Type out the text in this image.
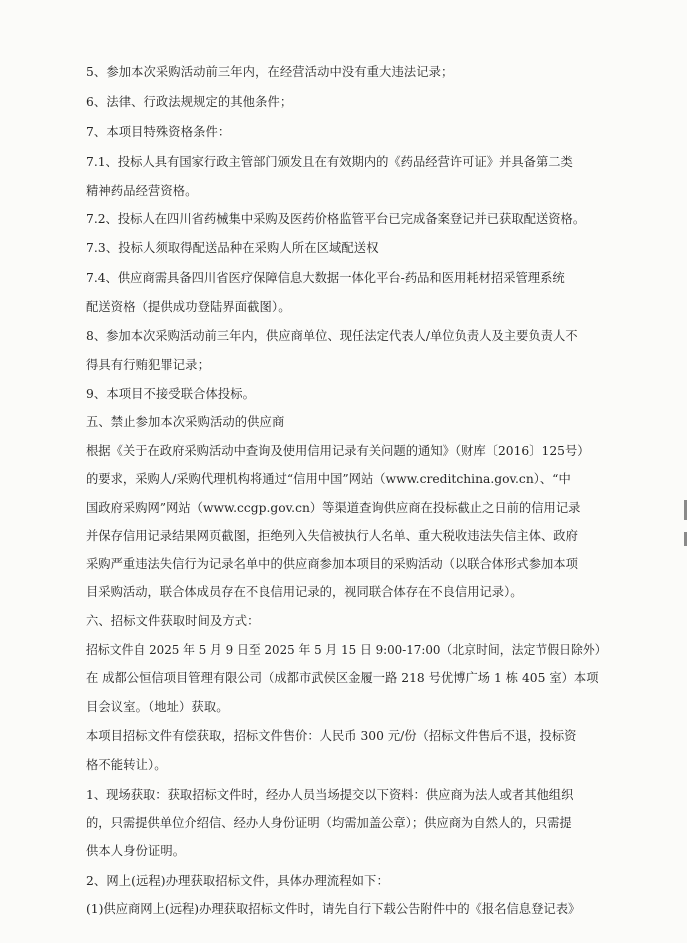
5、参加本次采购活动前三年内，在经营活动中没有重大违法记录；
6、法律、行政法规规定的其他条件；
7、本项目特殊资格条件：
7.1、投标人具有国家行政主管部门颁发且在有效期内的《药品经营许可证》并具备第二类
精神药品经营资格。
7.2、投标人在四川省药械集中采购及医药价格监管平台已完成备案登记并已获取配送资格。
7.3、投标人须取得配送品种在采购人所在区域配送权
7.4、供应商需具备四川省医疗保障信息大数据一体化平台-药品和医用耗材招采管理系统
配送资格（提供成功登陆界面截图）。
8、参加本次采购活动前三年内，供应商单位、现任法定代表人/单位负责人及主要负责人不
得具有行贿犯罪记录；
9、本项目不接受联合体投标。
五、禁止参加本次采购活动的供应商
根据《关于在政府采购活动中查询及使用信用记录有关问题的通知》（财库〔2016〕125号）
的要求，采购人/采购代理机构将通过“信用中国”网站（www.creditchina.gov.cn）、“中
国政府采购网”网站（www.ccgp.gov.cn）等渠道查询供应商在投标截止之日前的信用记录
并保存信用记录结果网页截图，拒绝列入失信被执行人名单、重大税收违法失信主体、政府
采购严重违法失信行为记录名单中的供应商参加本项目的采购活动（以联合体形式参加本项
目采购活动，联合体成员存在不良信用记录的，视同联合体存在不良信用记录）。
六、招标文件获取时间及方式：
招标文件自 2025 年 5 月 9 日至 2025 年 5 月 15 日 9:00-17:00（北京时间，法定节假日除外）
在 成都公恒信项目管理有限公司（成都市武侯区金履一路 218 号优博广场 1 栋 405 室）本项
目会议室。（地址）获取。
本项目招标文件有偿获取，招标文件售价：人民币 300 元/份（招标文件售后不退，投标资
格不能转让）。
1、现场获取：获取招标文件时，经办人员当场提交以下资料：供应商为法人或者其他组织
的，只需提供单位介绍信、经办人身份证明（均需加盖公章）；供应商为自然人的，只需提
供本人身份证明。
2、网上(远程)办理获取招标文件，具体办理流程如下：
(1)供应商网上(远程)办理获取招标文件时，请先自行下载公告附件中的《报名信息登记表》
